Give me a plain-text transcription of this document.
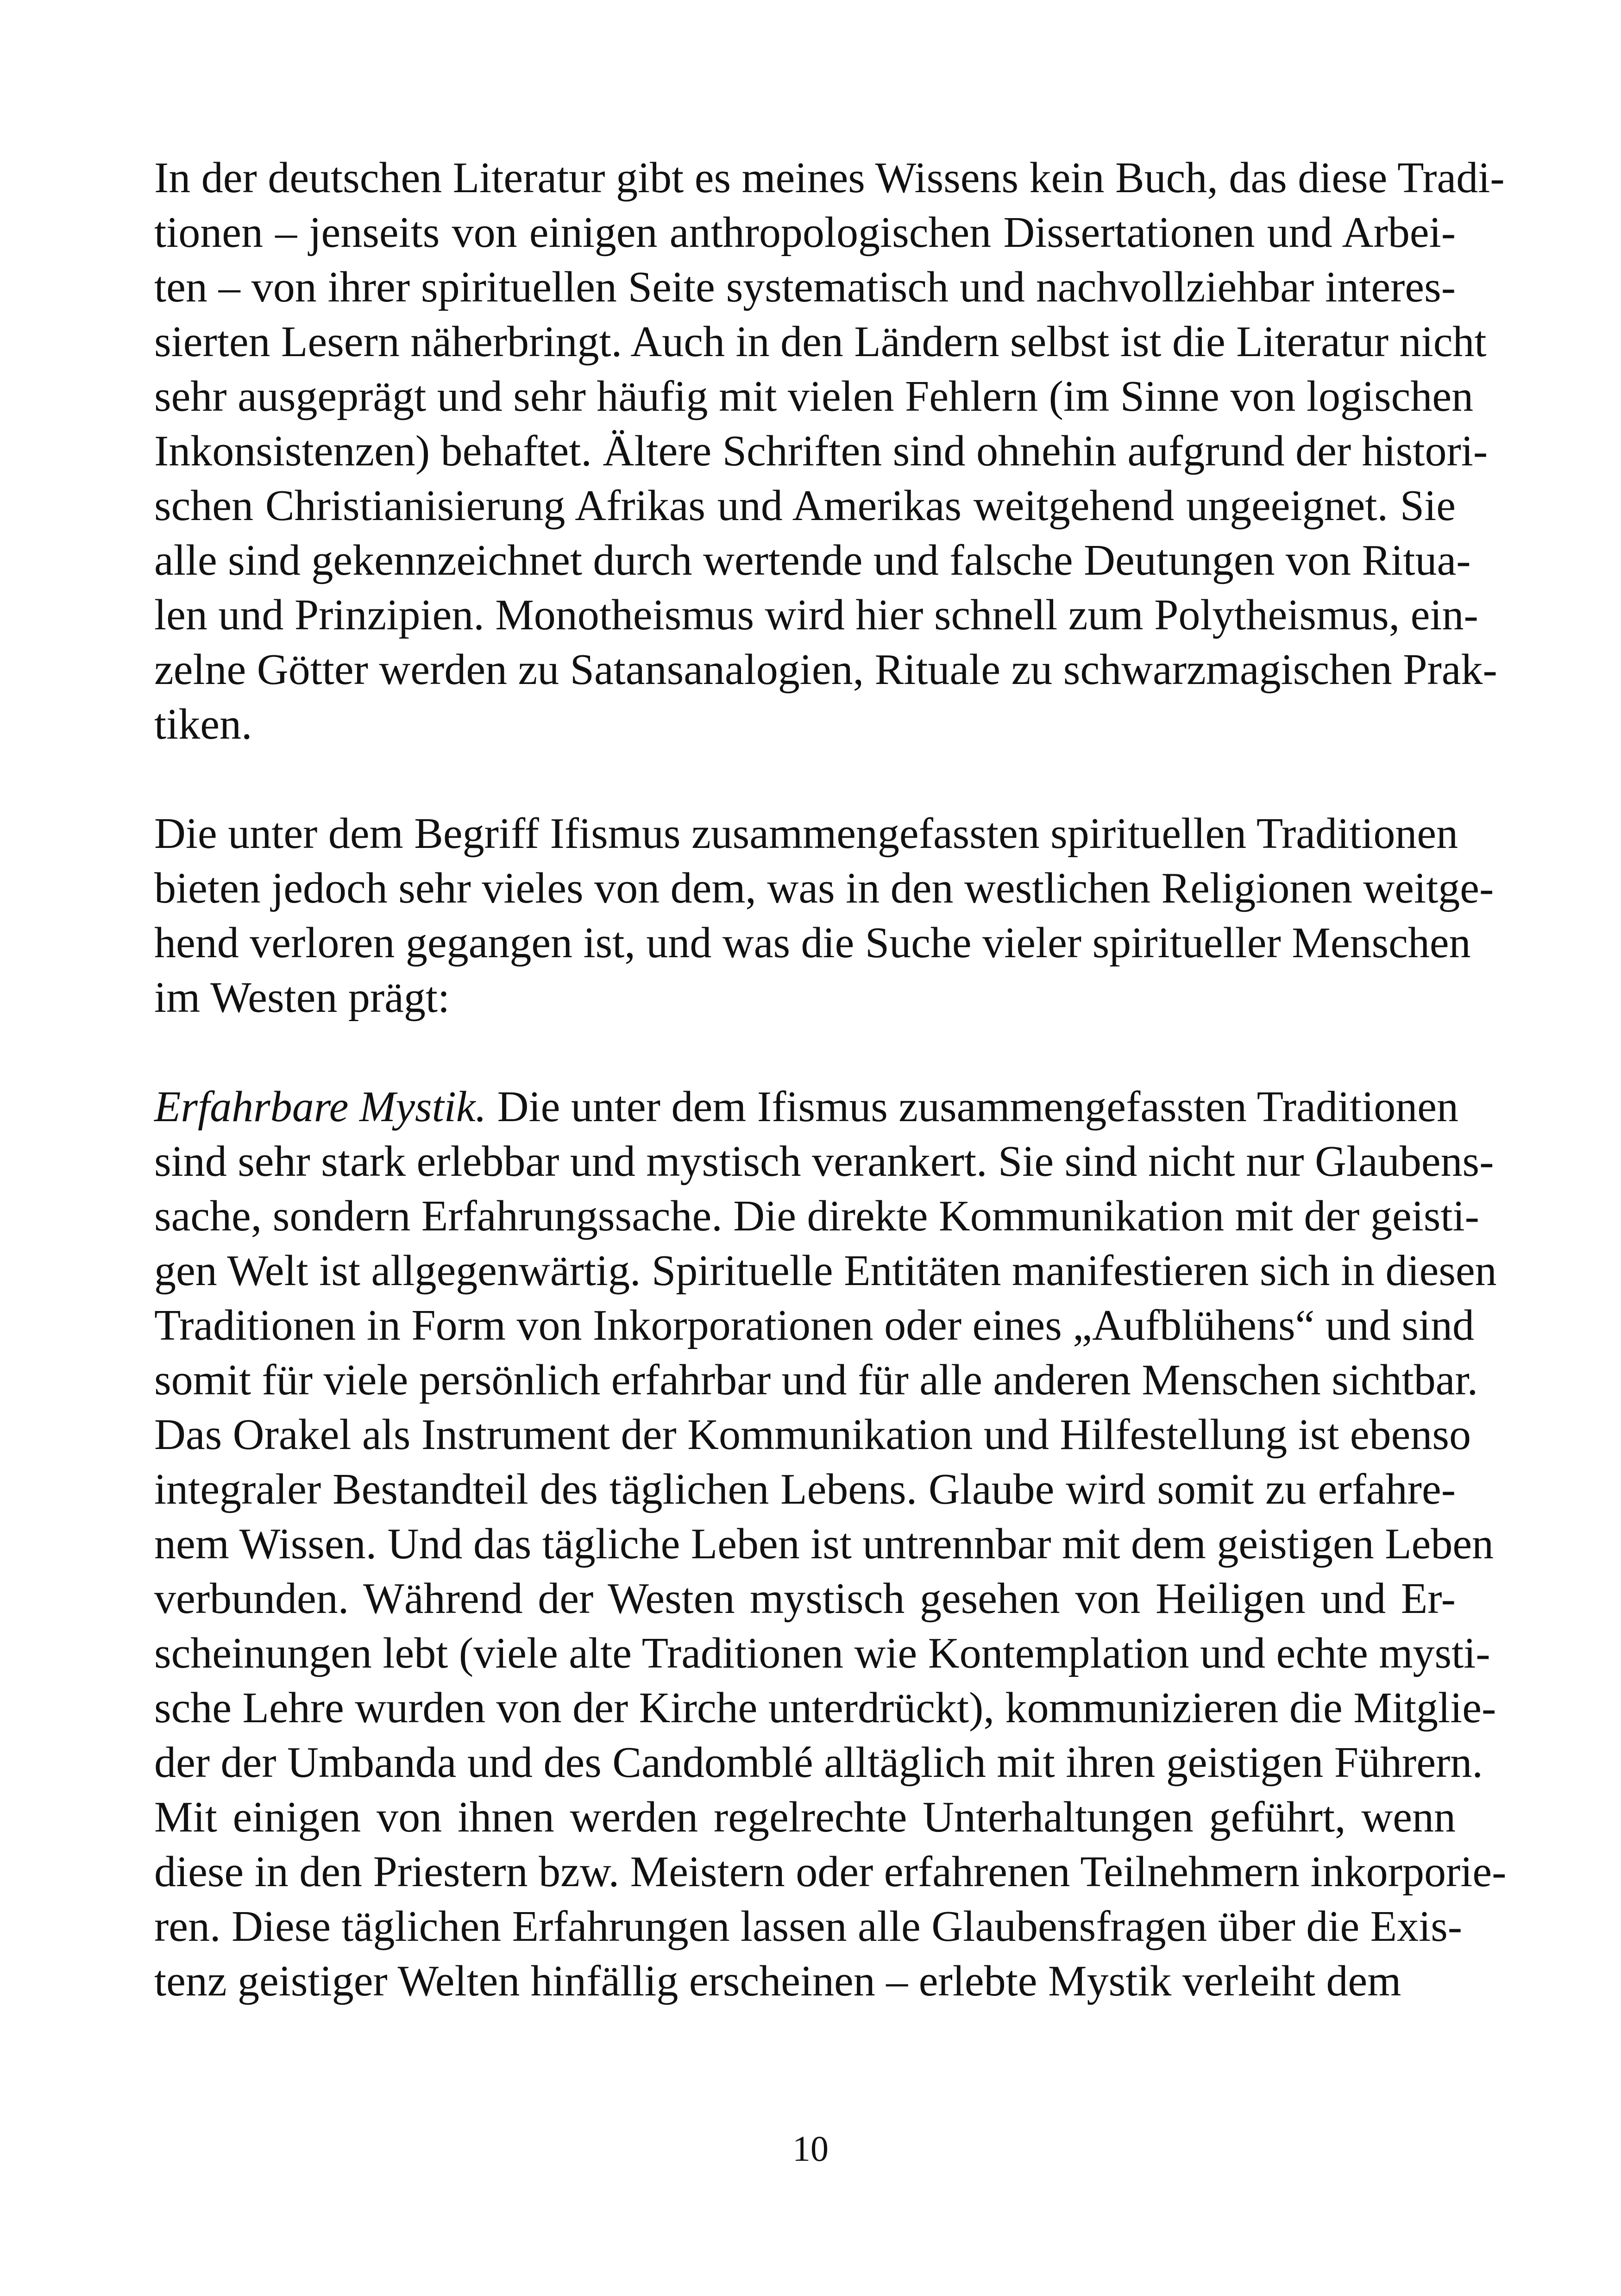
In der deutschen Literatur gibt es meines Wissens kein Buch, das diese Tradi-
tionen – jenseits von einigen anthropologischen Dissertationen und Arbei-
ten – von ihrer spirituellen Seite systematisch und nachvollziehbar interes-
sierten Lesern näherbringt. Auch in den Ländern selbst ist die Literatur nicht
sehr ausgeprägt und sehr häufig mit vielen Fehlern (im Sinne von logischen
Inkonsistenzen) behaftet. Ältere Schriften sind ohnehin aufgrund der histori-
schen Christianisierung Afrikas und Amerikas weitgehend ungeeignet. Sie
alle sind gekennzeichnet durch wertende und falsche Deutungen von Ritua-
len und Prinzipien. Monotheismus wird hier schnell zum Polytheismus, ein-
zelne Götter werden zu Satansanalogien, Rituale zu schwarzmagischen Prak-
tiken.
Die unter dem Begriff Ifismus zusammengefassten spirituellen Traditionen
bieten jedoch sehr vieles von dem, was in den westlichen Religionen weitge-
hend verloren gegangen ist, und was die Suche vieler spiritueller Menschen
im Westen prägt:
Erfahrbare Mystik. Die unter dem Ifismus zusammengefassten Traditionen
sind sehr stark erlebbar und mystisch verankert. Sie sind nicht nur Glaubens-
sache, sondern Erfahrungssache. Die direkte Kommunikation mit der geisti-
gen Welt ist allgegenwärtig. Spirituelle Entitäten manifestieren sich in diesen
Traditionen in Form von Inkorporationen oder eines „Aufblühens“ und sind
somit für viele persönlich erfahrbar und für alle anderen Menschen sichtbar.
Das Orakel als Instrument der Kommunikation und Hilfestellung ist ebenso
integraler Bestandteil des täglichen Lebens. Glaube wird somit zu erfahre-
nem Wissen. Und das tägliche Leben ist untrennbar mit dem geistigen Leben
verbunden. Während der Westen mystisch gesehen von Heiligen und Er-
scheinungen lebt (viele alte Traditionen wie Kontemplation und echte mysti-
sche Lehre wurden von der Kirche unterdrückt), kommunizieren die Mitglie-
der der Umbanda und des Candomblé alltäglich mit ihren geistigen Führern.
Mit einigen von ihnen werden regelrechte Unterhaltungen geführt, wenn
diese in den Priestern bzw. Meistern oder erfahrenen Teilnehmern inkorporie-
ren. Diese täglichen Erfahrungen lassen alle Glaubensfragen über die Exis-
tenz geistiger Welten hinfällig erscheinen – erlebte Mystik verleiht dem
10
